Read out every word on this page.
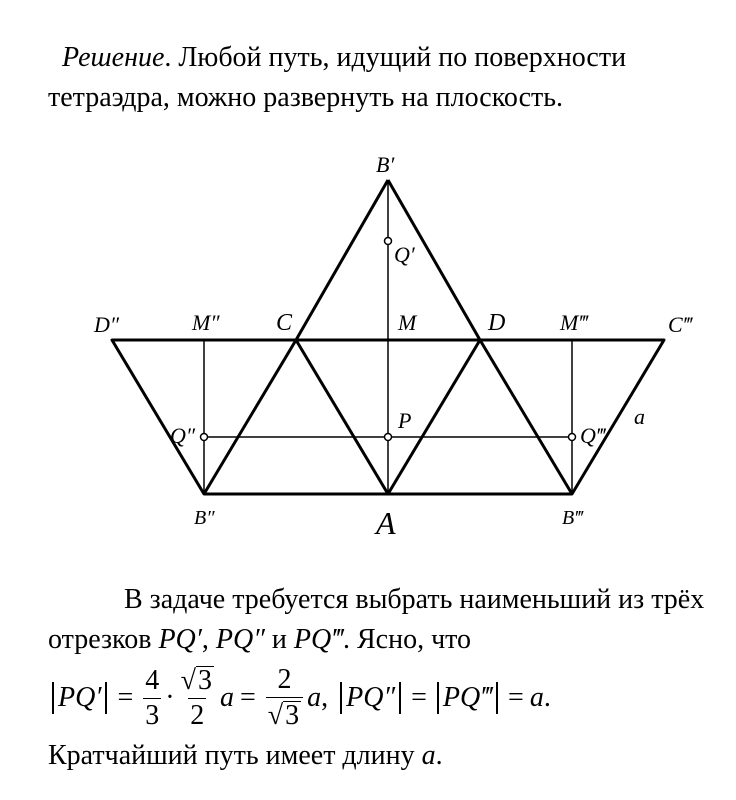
Решение. Любой путь, идущий по поверхности тетраэдра, можно развернуть на плоскость.

B′
Q′
D″	M″ C	M	D M‴	C‴
P
Q″	Q‴
a
B″	A	B‴

В задаче требуется выбрать наименьший из трёх отрезков PQ′, PQ″ и PQ‴. Ясно, что

$PQ' = \frac{4}{3} \cdot \frac{√ 3}{2}$ $a = \frac{2}{√ 3}$ a , PQ″ = PQ‴ = a .

Кратчайший путь имеет длину a.
